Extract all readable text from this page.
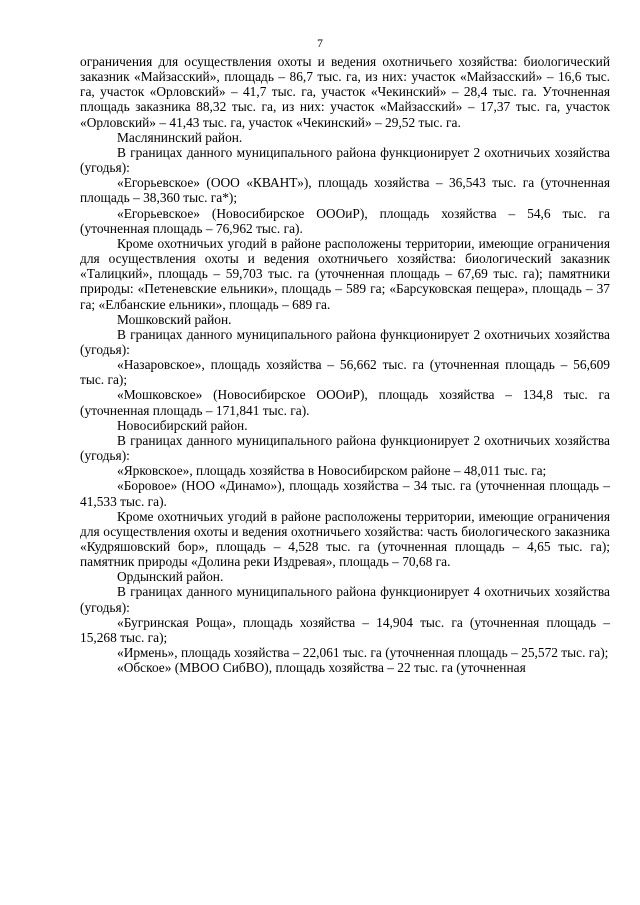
7

ограничения для осуществления охоты и ведения охотничьего хозяйства: биологический заказник «Майзасский», площадь – 86,7 тыс. га, из них: участок «Майзасский» – 16,6 тыс. га, участок «Орловский» – 41,7 тыс. га, участок «Чекинский» – 28,4 тыс. га. Уточненная площадь заказника 88,32 тыс. га, из них: участок «Майзасский» – 17,37 тыс. га, участок «Орловский» – 41,43 тыс. га, участок «Чекинский» – 29,52 тыс. га.

Маслянинский район.

В границах данного муниципального района функционирует 2 охотничьих хозяйства (угодья):

«Егорьевское» (ООО «КВАНТ»), площадь хозяйства – 36,543 тыс. га (уточненная площадь – 38,360 тыс. га*);

«Егорьевское» (Новосибирское ОООиР), площадь хозяйства – 54,6 тыс. га (уточненная площадь – 76,962 тыс. га).

Кроме охотничьих угодий в районе расположены территории, имеющие ограничения для осуществления охоты и ведения охотничьего хозяйства: биологический заказник «Талицкий», площадь – 59,703 тыс. га (уточненная площадь – 67,69 тыс. га); памятники природы: «Петеневские ельники», площадь – 589 га; «Барсуковская пещера», площадь – 37 га; «Елбанские ельники», площадь – 689 га.

Мошковский район.

В границах данного муниципального района функционирует 2 охотничьих хозяйства (угодья):

«Назаровское», площадь хозяйства – 56,662 тыс. га (уточненная площадь – 56,609 тыс. га);

«Мошковское» (Новосибирское ОООиР), площадь хозяйства – 134,8 тыс. га (уточненная площадь – 171,841 тыс. га).

Новосибирский район.

В границах данного муниципального района функционирует 2 охотничьих хозяйства (угодья):

«Ярковское», площадь хозяйства в Новосибирском районе – 48,011 тыс. га;

«Боровое» (НОО «Динамо»), площадь хозяйства – 34 тыс. га (уточненная площадь – 41,533 тыс. га).

Кроме охотничьих угодий в районе расположены территории, имеющие ограничения для осуществления охоты и ведения охотничьего хозяйства: часть биологического заказника «Кудряшовский бор», площадь – 4,528 тыс. га (уточненная площадь – 4,65 тыс. га); памятник природы «Долина реки Издревая», площадь – 70,68 га.

Ордынский район.

В границах данного муниципального района функционирует 4 охотничьих хозяйства (угодья):

«Бугринская Роща», площадь хозяйства – 14,904 тыс. га (уточненная площадь – 15,268 тыс. га);

«Ирмень», площадь хозяйства – 22,061 тыс. га (уточненная площадь – 25,572 тыс. га);

«Обское» (МВОО СибВО), площадь хозяйства – 22 тыс. га (уточненная
